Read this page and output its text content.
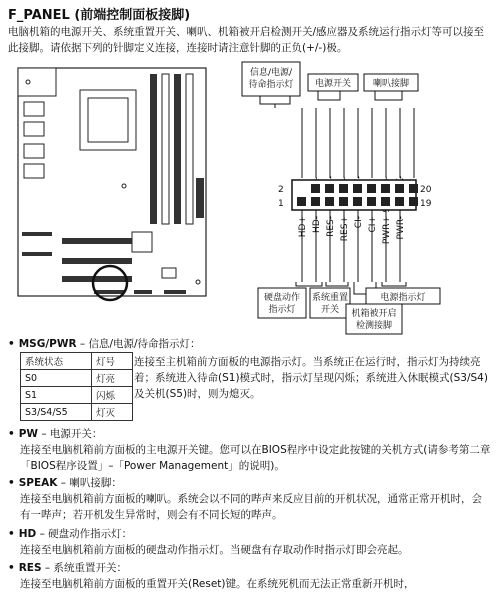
F_PANEL (前端控制面板接脚)
电脑机箱的电源开关、系统重置开关、喇叭、机箱被开启检测开关/感应器及系统运行指示灯等可以接至此接脚。请依据下列的针脚定义连接，连接时请注意针脚的正负(+/-)极。
信息/电源/待命指示灯 电源开关 喇叭接脚
2
1
20
19
HD+ HD- RES- RES+ CI- CI+ PWR+ PWR-
硬盘动作指示灯
系统重置开关	机箱被开启检测接脚
电源指示灯
• MSG/PWR – 信息/电源/待命指示灯：
系统状态	灯号
S0	灯亮
S1	闪烁
S3/S4/S5	灯灭
连接至主机箱前方面板的电源指示灯。当系统正在运行时，指示灯为持续亮着；系统进入待命(S1)模式时，指示灯呈现闪烁；系统进入休眠模式(S3/S4)及关机(S5)时，则为熄灭。
• PW – 电源开关：
连接至电脑机箱前方面板的主电源开关键。您可以在BIOS程序中设定此按键的关机方式(请参考第二章「BIOS程序设置」–「Power Management」的说明)。
• SPEAK – 喇叭接脚：
连接至电脑机箱前方面板的喇叭。系统会以不同的哔声来反应目前的开机状况，通常正常开机时，会有一哔声；若开机发生异常时，则会有不同长短的哔声。
• HD – 硬盘动作指示灯：
连接至电脑机箱前方面板的硬盘动作指示灯。当硬盘有存取动作时指示灯即会亮起。
• RES – 系统重置开关：
连接至电脑机箱前方面板的重置开关(Reset)键。在系统死机而无法正常重新开机时，
